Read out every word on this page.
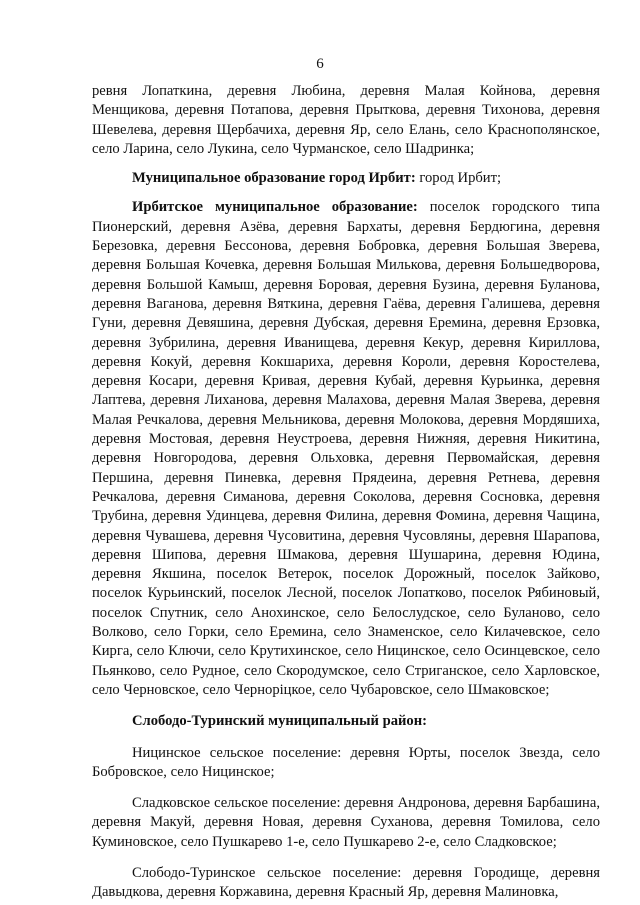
6

ревня Лопаткина, деревня Любина, деревня Малая Койнова, деревня Менщикова, деревня Потапова, деревня Прыткова, деревня Тихонова, деревня Шевелева, деревня Щербачиха, деревня Яр, село Елань, село Краснополянское, село Ларина, село Лукина, село Чурманское, село Шадринка;

Муниципальное образование город Ирбит: город Ирбит;

Ирбитское муниципальное образование: поселок городского типа Пионерский, деревня Азёва, деревня Бархаты, деревня Бердюгина, деревня Березовка, деревня Бессонова, деревня Бобровка, деревня Большая Зверева, деревня Большая Кочевка, деревня Большая Милькова, деревня Большедворова, деревня Большой Камыш, деревня Боровая, деревня Бузина, деревня Буланова, деревня Ваганова, деревня Вяткина, деревня Гаёва, деревня Галишева, деревня Гуни, деревня Девяшина, деревня Дубская, деревня Еремина, деревня Ерзовка, деревня Зубрилина, деревня Иванищева, деревня Кекур, деревня Кириллова, деревня Кокуй, деревня Кокшариха, деревня Короли, деревня Коростелева, деревня Косари, деревня Кривая, деревня Кубай, деревня Курьинка, деревня Лаптева, деревня Лиханова, деревня Малахова, деревня Малая Зверева, деревня Малая Речкалова, деревня Мельникова, деревня Молокова, деревня Мордяшиха, деревня Мостовая, деревня Неустроева, деревня Нижняя, деревня Никитина, деревня Новгородова, деревня Ольховка, деревня Первомайская, деревня Першина, деревня Пиневка, деревня Прядеина, деревня Ретнева, деревня Речкалова, деревня Симанова, деревня Соколова, деревня Сосновка, деревня Трубина, деревня Удинцева, деревня Филина, деревня Фомина, деревня Чащина, деревня Чувашева, деревня Чусовитина, деревня Чусовляны, деревня Шарапова, деревня Шипова, деревня Шмакова, деревня Шушарина, деревня Юдина, деревня Якшина, поселок Ветерок, поселок Дорожный, поселок Зайково, поселок Курьинский, поселок Лесной, поселок Лопатково, поселок Рябиновый, поселок Спутник, село Анохинское, село Белослудское, село Буланово, село Волково, село Горки, село Еремина, село Знаменское, село Килачевское, село Кирга, село Ключи, село Крутихинское, село Ницинское, село Осинцевское, село Пьянково, село Рудное, село Скородумское, село Стриганское, село Харловское, село Черновское, село Черноріцкое, село Чубаровское, село Шмаковское;

Слободо-Туринский муниципальный район:

Ницинское сельское поселение: деревня Юрты, поселок Звезда, село Бобровское, село Ницинское;

Сладковское сельское поселение: деревня Андронова, деревня Барбашина, деревня Макуй, деревня Новая, деревня Суханова, деревня Томилова, село Куминовское, село Пушкарево 1-е, село Пушкарево 2-е, село Сладковское;

Слободо-Туринское сельское поселение: деревня Городище, деревня Давыдкова, деревня Коржавина, деревня Красный Яр, деревня Малиновка,
